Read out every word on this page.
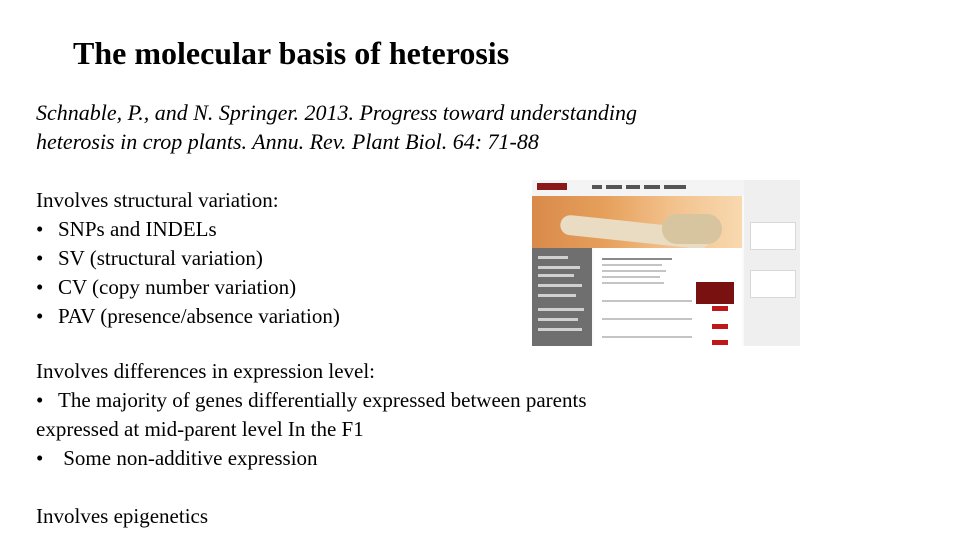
The molecular basis of heterosis
Schnable, P., and N. Springer. 2013. Progress toward understanding
heterosis in crop plants. Annu. Rev. Plant Biol. 64: 71-88
Involves structural variation:
• SNPs and INDELs
• SV (structural variation)
• CV (copy number variation)
• PAV (presence/absence variation)
Involves differences in expression level:
• The majority of genes differentially expressed between parents
expressed at mid-parent level In the F1
• Some non-additive expression
Involves epigenetics
